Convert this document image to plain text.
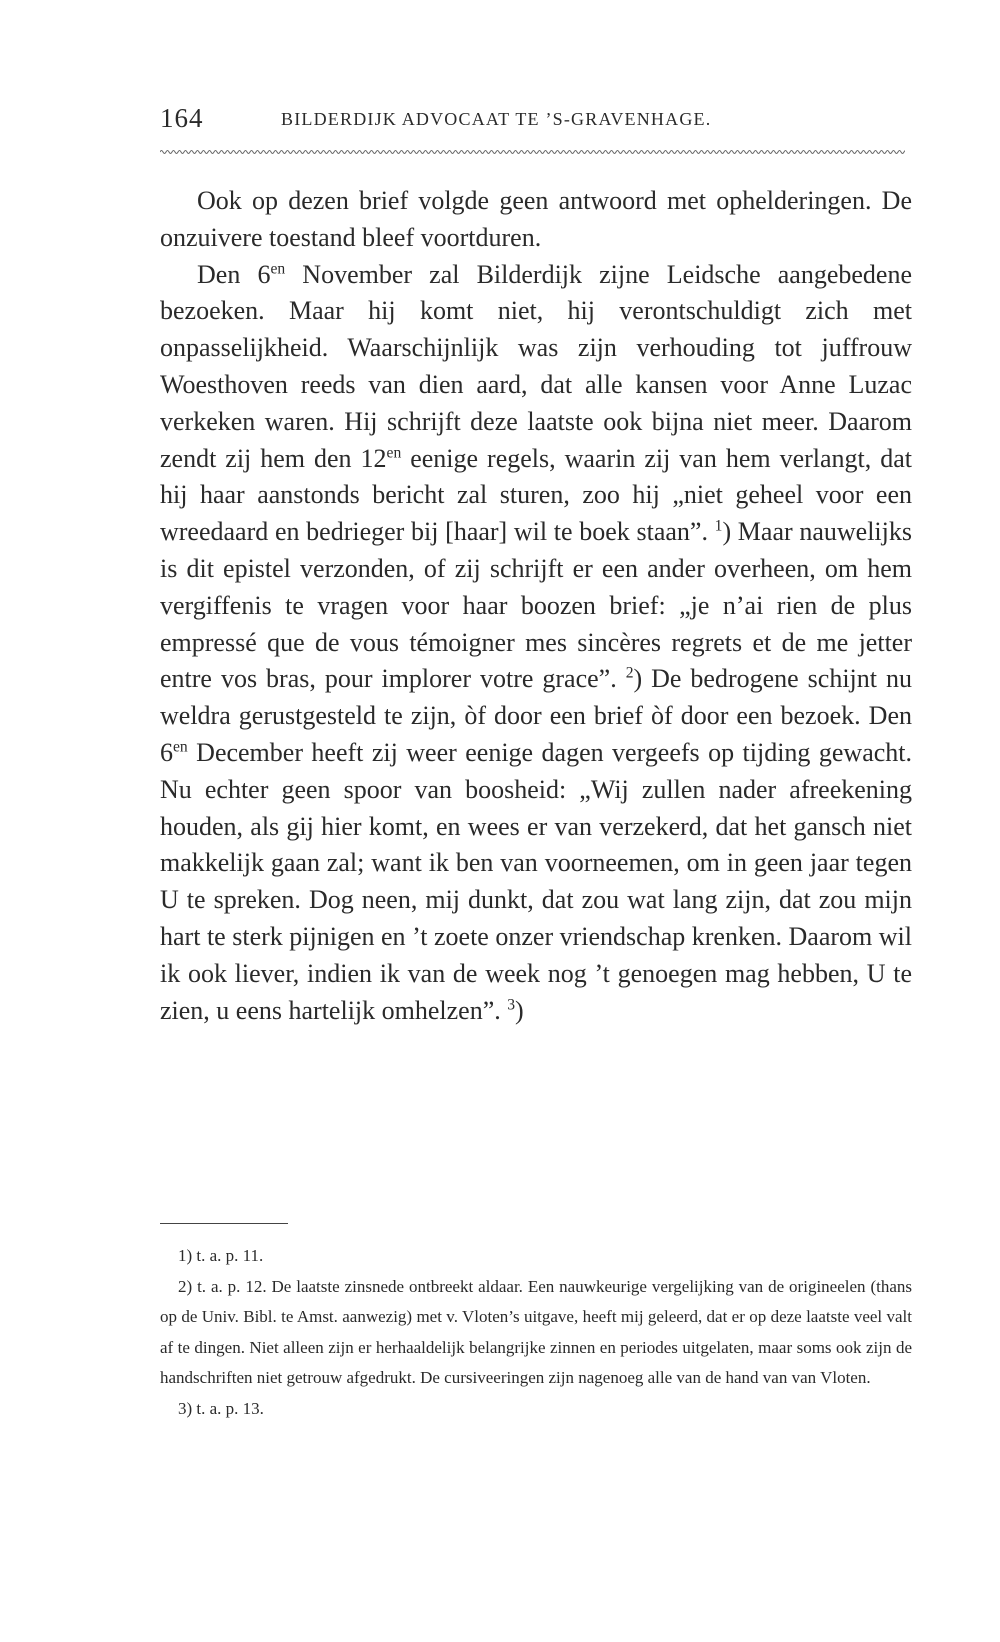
164	BILDERDIJK ADVOCAAT TE ’S-GRAVENHAGE.

Ook op dezen brief volgde geen antwoord met ophelderingen. De onzuivere toestand bleef voortduren.

Den $6^{en}$ November zal Bilderdijk zijne Leidsche aangebedene bezoeken. Maar hij komt niet, hij verontschuldigt zich met onpasselijkheid. Waarschijnlijk was zijn verhouding tot juffrouw Woesthoven reeds van dien aard, dat alle kansen voor Anne Luzac verkeken waren. Hij schrijft deze laatste ook bijna niet meer. Daarom zendt zij hem den $12^{en}$ eenige regels, waarin zij van hem verlangt, dat hij haar aanstonds bericht zal sturen, zoo hij „niet geheel voor een wreedaard en bedrieger bij [haar] wil te boek staan”. $^1$) Maar nauwelijks is dit epistel verzonden, of zij schrijft er een ander overheen, om hem vergiffenis te vragen voor haar boozen brief: „je n’ai rien de plus empressé que de vous témoigner mes sincères regrets et de me jetter entre vos bras, pour implorer votre grace”. $^2$) De bedrogene schijnt nu weldra gerustgesteld te zijn, òf door een brief òf door een bezoek. Den $6^{en}$ December heeft zij weer eenige dagen vergeefs op tijding gewacht. Nu echter geen spoor van boosheid: „Wij zullen nader afreekening houden, als gij hier komt, en wees er van verzekerd, dat het gansch niet makkelijk gaan zal; want ik ben van voorneemen, om in geen jaar tegen U te spreken. Dog neen, mij dunkt, dat zou wat lang zijn, dat zou mijn hart te sterk pijnigen en ’t zoete onzer vriendschap krenken. Daarom wil ik ook liever, indien ik van de week nog ’t genoegen mag hebben, U te zien, u eens hartelijk omhelzen”. $^3$)

1) t. a. p. 11.

2) t. a. p. 12. De laatste zinsnede ontbreekt aldaar. Een nauwkeurige vergelijking van de origineelen (thans op de Univ. Bibl. te Amst. aanwezig) met v. Vloten’s uitgave, heeft mij geleerd, dat er op deze laatste veel valt af te dingen. Niet alleen zijn er herhaaldelijk belangrijke zinnen en periodes uitgelaten, maar soms ook zijn de handschriften niet getrouw afgedrukt. De cursiveeringen zijn nagenoeg alle van de hand van van Vloten.

3) t. a. p. 13.
